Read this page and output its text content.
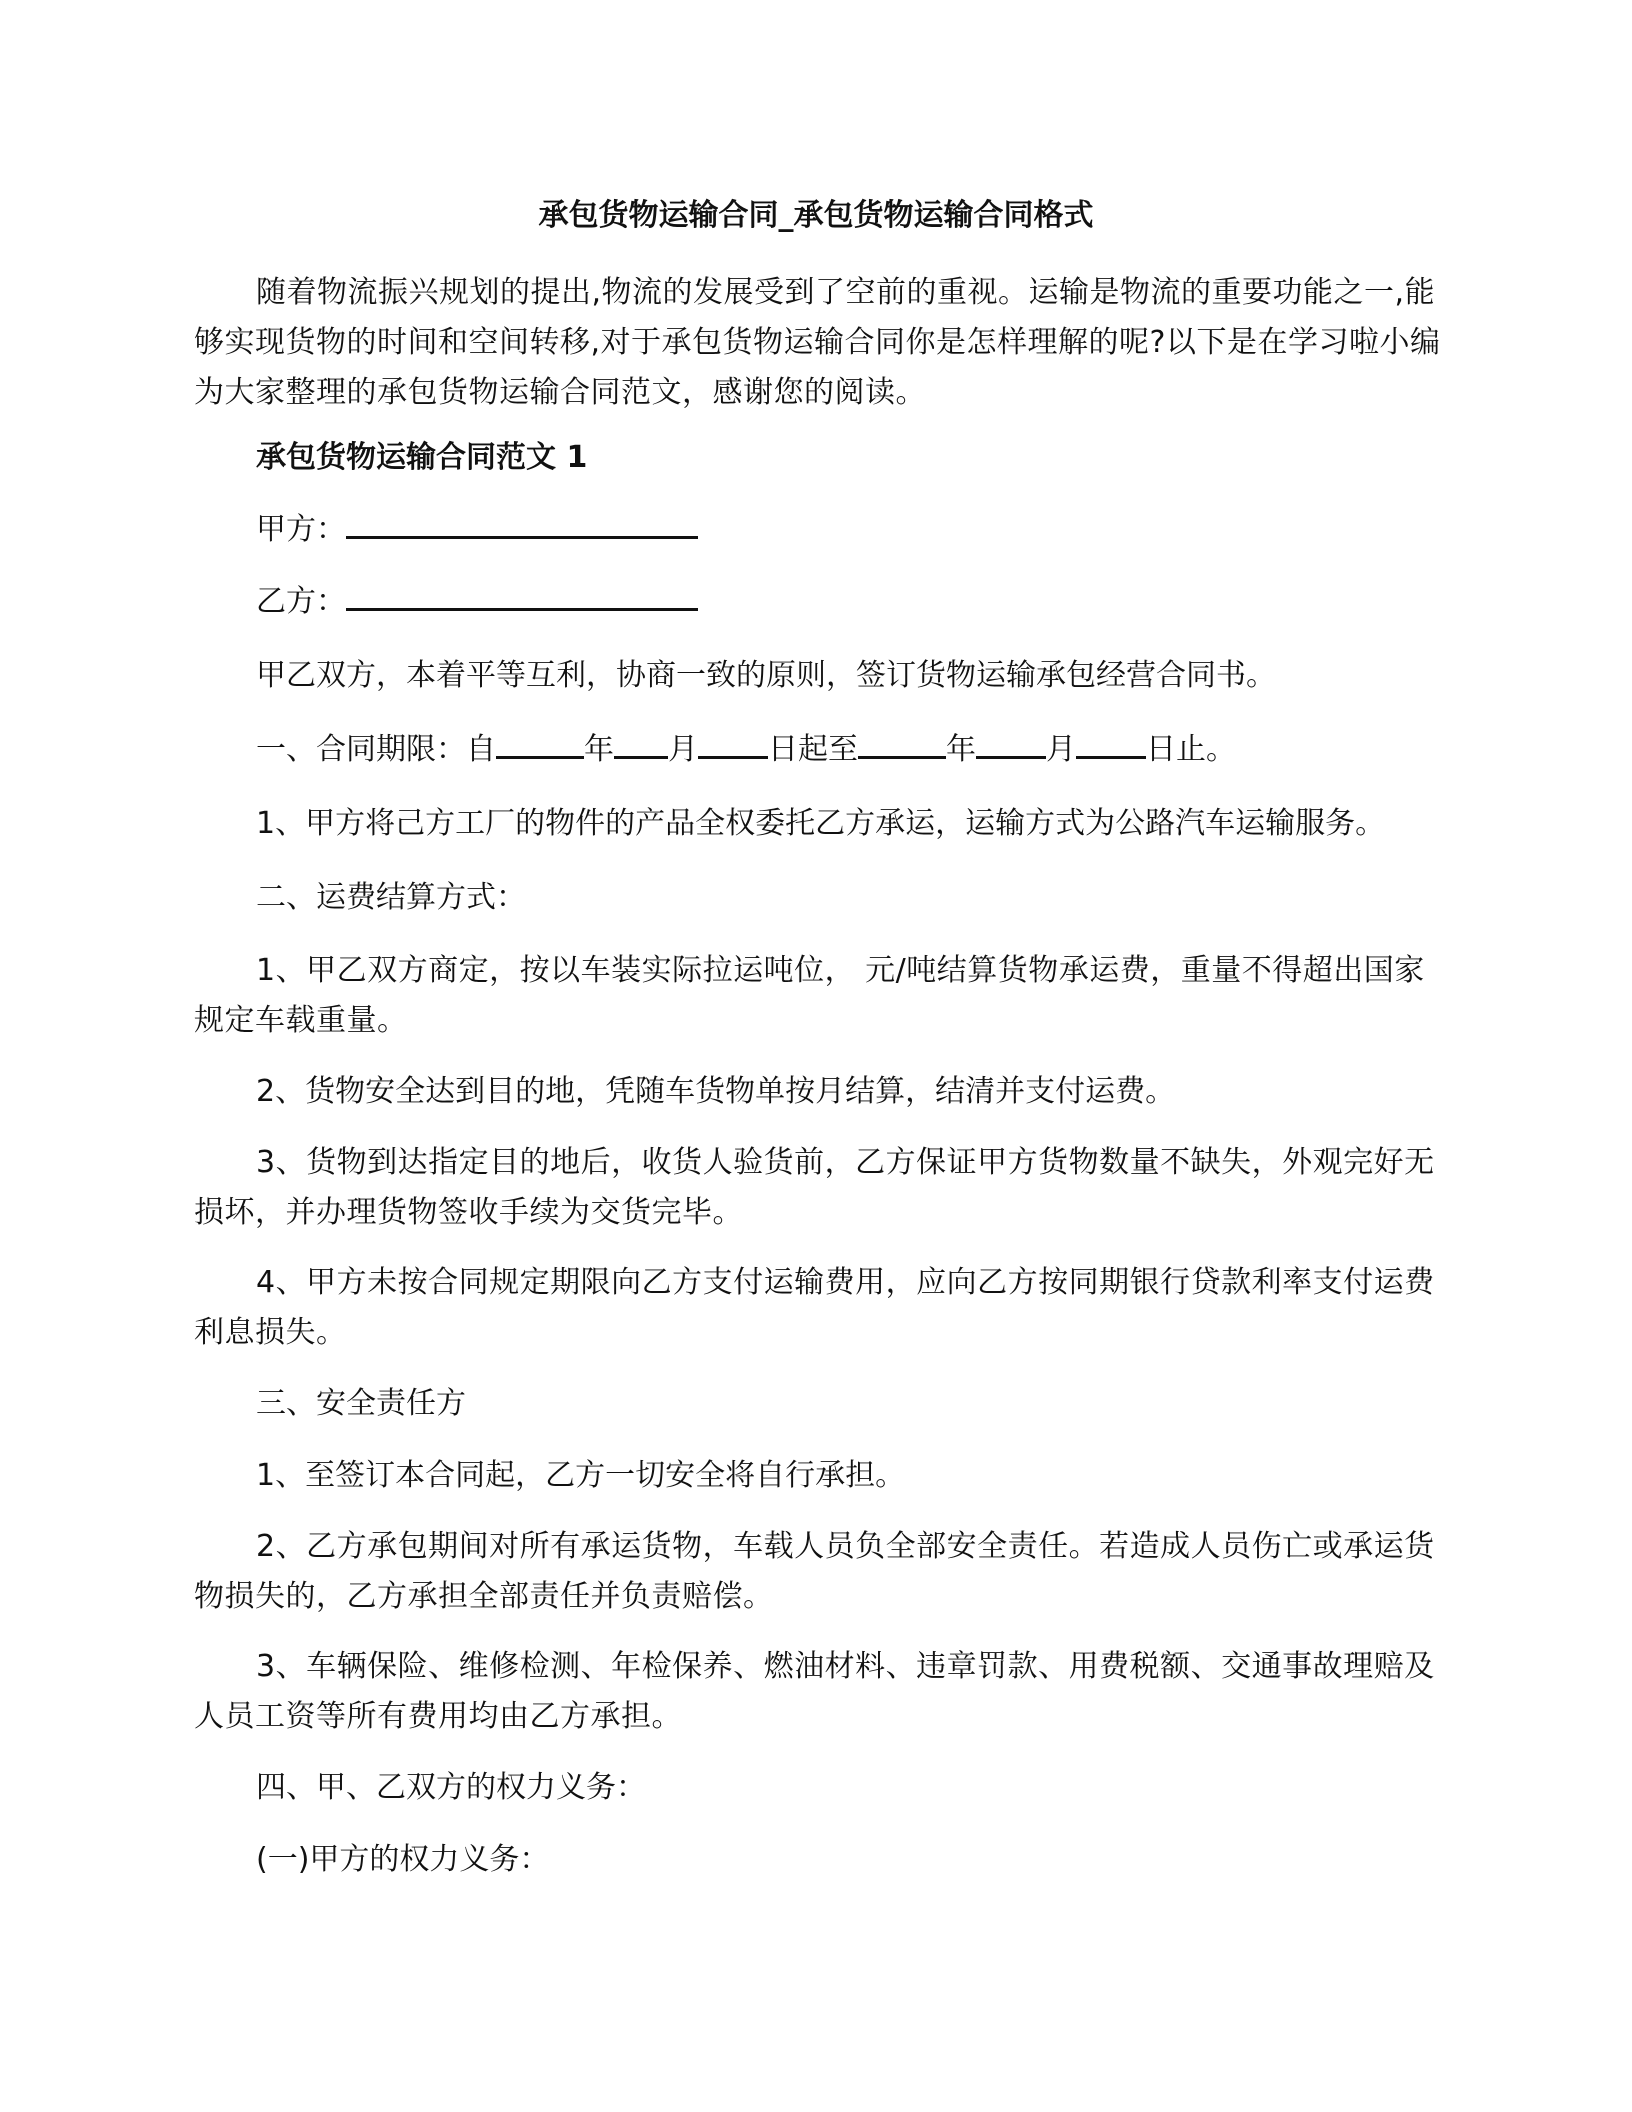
承包货物运输合同_承包货物运输合同格式

随着物流振兴规划的提出,物流的发展受到了空前的重视。运输是物流的重要功能之一,能够实现货物的时间和空间转移,对于承包货物运输合同你是怎样理解的呢?以下是在学习啦小编为大家整理的承包货物运输合同范文，感谢您的阅读。

承包货物运输合同范文 1

甲方：

乙方：

甲乙双方，本着平等互利，协商一致的原则，签订货物运输承包经营合同书。

一、合同期限：自	年 月 日起至	年 月 日止。

1、甲方将己方工厂的物件的产品全权委托乙方承运，运输方式为公路汽车运输服务。

二、运费结算方式：

1、甲乙双方商定，按以车装实际拉运吨位， 元/吨结算货物承运费，重量不得超出国家规定车载重量。

2、货物安全达到目的地，凭随车货物单按月结算，结清并支付运费。

3、货物到达指定目的地后，收货人验货前，乙方保证甲方货物数量不缺失，外观完好无损坏，并办理货物签收手续为交货完毕。

4、甲方未按合同规定期限向乙方支付运输费用，应向乙方按同期银行贷款利率支付运费利息损失。

三、安全责任方

1、至签订本合同起，乙方一切安全将自行承担。

2、乙方承包期间对所有承运货物，车载人员负全部安全责任。若造成人员伤亡或承运货物损失的，乙方承担全部责任并负责赔偿。

3、车辆保险、维修检测、年检保养、燃油材料、违章罚款、用费税额、交通事故理赔及人员工资等所有费用均由乙方承担。

四、甲、乙双方的权力义务：

(一)甲方的权力义务：
